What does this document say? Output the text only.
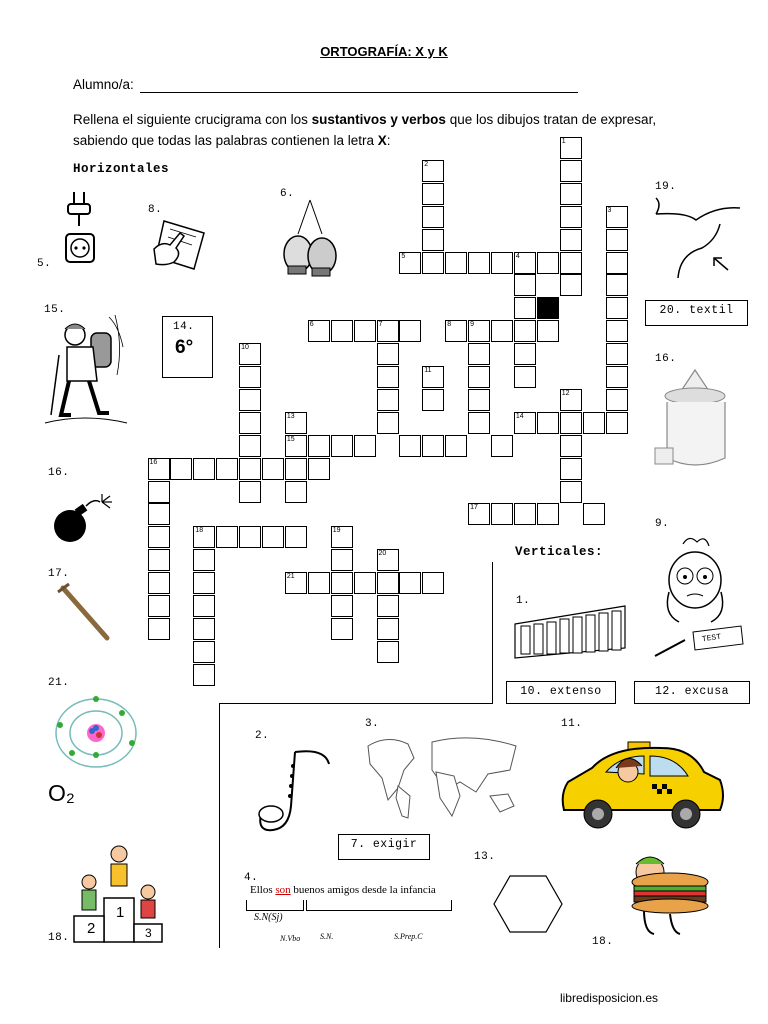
ORTOGRAFÍA: X y K
Alumno/a:
Rellena el siguiente crucigrama con los sustantivos y verbos que los dibujos tratan de expresar,
sabiendo que todas las palabras contienen la letra X:
Horizontales
Verticales:
1
2
3
5	4
6	7	8	9
10
11
12
13
15
16
17
18	19
20
21
14
5.
8.
6.
15.
16.
17.
21.
19.
16.
9.
1.
2.
3.	11.
4.
13.
18.	18.
14.
6°
20. textil
10. extenso	12. excusa
7. exigir
O₂
2
1
3
TEST
Ellos son buenos amigos desde la infancia
S.N(Sj)
N.Vbo S.N.	S.Prep.C
libredisposicion.es
